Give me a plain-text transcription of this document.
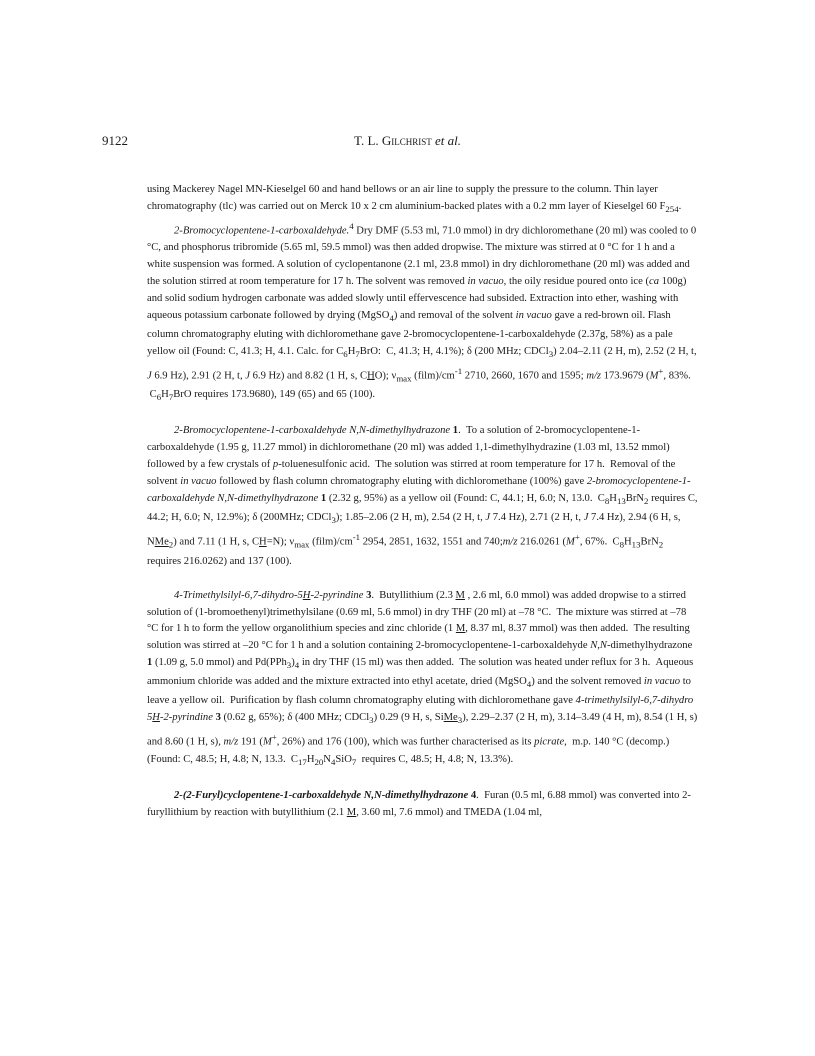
9122	T. L. Gilchrist et al.

using Mackerey Nagel MN-Kieselgel 60 and hand bellows or an air line to supply the pressure to the column. Thin layer chromatography (tlc) was carried out on Merck 10 x 2 cm aluminium-backed plates with a 0.2 mm layer of Kieselgel 60 $F_{254}$.

2-Bromocyclopentene-1-carboxaldehyde.$^4$ Dry DMF (5.53 ml, 71.0 mmol) in dry dichloromethane (20 ml) was cooled to 0 °C, and phosphorus tribromide (5.65 ml, 59.5 mmol) was then added dropwise. The mixture was stirred at 0 °C for 1 h and a white suspension was formed. A solution of cyclopentanone (2.1 ml, 23.8 mmol) in dry dichloromethane (20 ml) was added and the solution stirred at room temperature for 17 h. The solvent was removed in vacuo, the oily residue poured onto ice (ca 100g) and solid sodium hydrogen carbonate was added slowly until effervescence had subsided. Extraction into ether, washing with aqueous potassium carbonate followed by drying (MgSO$_4$) and removal of the solvent in vacuo gave a red-brown oil. Flash column chromatography eluting with dichloromethane gave 2-bromocyclopentene-1-carboxaldehyde (2.37g, 58%) as a pale yellow oil (Found: C, 41.3; H, 4.1. Calc. for $C_6H_7BrO$:  C, 41.3; H, 4.1%); δ (200 MHz; CDCl$_3$) 2.04–2.11 (2 H, m), 2.52 (2 H, t, J 6.9 Hz), 2.91 (2 H, t, J 6.9 Hz) and 8.82 (1 H, s, CHO); $\nu_{max}$ $(film)/cm^{-1}$ 2710, 2660, 1670 and 1595; m/z 173.9679 (M+, 83%.  $C_6H_7BrO$ requires 173.9680), 149 (65) and 65 (100).

2-Bromocyclopentene-1-carboxaldehyde N,N-dimethylhydrazone 1.  To a solution of 2-bromocyclopentene-1-carboxaldehyde (1.95 g, 11.27 mmol) in dichloromethane (20 ml) was added 1,1-dimethylhydrazine (1.03 ml, 13.52 mmol) followed by a few crystals of p-toluenesulfonic acid.  The solution was stirred at room temperature for 17 h.  Removal of the solvent in vacuo followed by flash column chromatography eluting with dichloromethane (100%) gave 2-bromocyclopentene-1-carboxaldehyde N,N-dimethylhydrazone 1 (2.32 g, 95%) as a yellow oil (Found: C, 44.1; H, 6.0; N, 13.0.  $C_8H_{13}BrN_2$ requires C, 44.2; H, 6.0; N, 12.9%); δ (200MHz; CDCl$_3$); 1.85–2.06 (2 H, m), 2.54 (2 H, t, J 7.4 Hz), 2.71 (2 H, t, J 7.4 Hz), 2.94 (6 H, s, NMe$_2$) and 7.11 (1 H, s, CH=N); $\nu_{max}$ $(film)/cm^{-1}$ 2954, 2851, 1632, 1551 and 740;m/z 216.0261 (M+, 67%.  $C_8H_{13}BrN_2$ requires 216.0262) and 137 (100).

4-Trimethylsilyl-6,7-dihydro-5H-2-pyrindine 3.  Butyllithium (2.3 M , 2.6 ml, 6.0 mmol) was added dropwise to a stirred solution of (1-bromoethenyl)trimethylsilane (0.69 ml, 5.6 mmol) in dry THF (20 ml) at –78 °C.  The mixture was stirred at –78 °C for 1 h to form the yellow organolithium species and zinc chloride (1 M, 8.37 ml, 8.37 mmol) was then added.  The resulting solution was stirred at –20 °C for 1 h and a solution containing 2-bromocyclopentene-1-carboxaldehyde N,N-dimethylhydrazone 1 (1.09 g, 5.0 mmol) and $Pd(PPh_3)_4$ in dry THF (15 ml) was then added.  The solution was heated under reflux for 3 h.  Aqueous ammonium chloride was added and the mixture extracted into ethyl acetate, dried (MgSO$_4$) and the solvent removed in vacuo to leave a yellow oil.  Purification by flash column chromatography eluting with dichloromethane gave 4-trimethylsilyl-6,7-dihydro 5H-2-pyrindine 3 (0.62 g, 65%); δ (400 MHz; CDCl$_3$) 0.29 (9 H, s, SiMe$_3$), 2.29–2.37 (2 H, m), 3.14–3.49 (4 H, m), 8.54 (1 H, s) and 8.60 (1 H, s), m/z 191 (M+, 26%) and 176 (100), which was further characterised as its picrate,  m.p. 140 °C (decomp.) (Found: C, 48.5; H, 4.8; N, 13.3.  $C_{17}H_{20}N_4SiO_7$  requires C, 48.5; H, 4.8; N, 13.3%).

2-(2-Furyl)cyclopentene-1-carboxaldehyde N,N-dimethylhydrazone 4.  Furan (0.5 ml, 6.88 mmol) was converted into 2-furyllithium by reaction with butyllithium (2.1 M, 3.60 ml, 7.6 mmol) and TMEDA (1.04 ml,
